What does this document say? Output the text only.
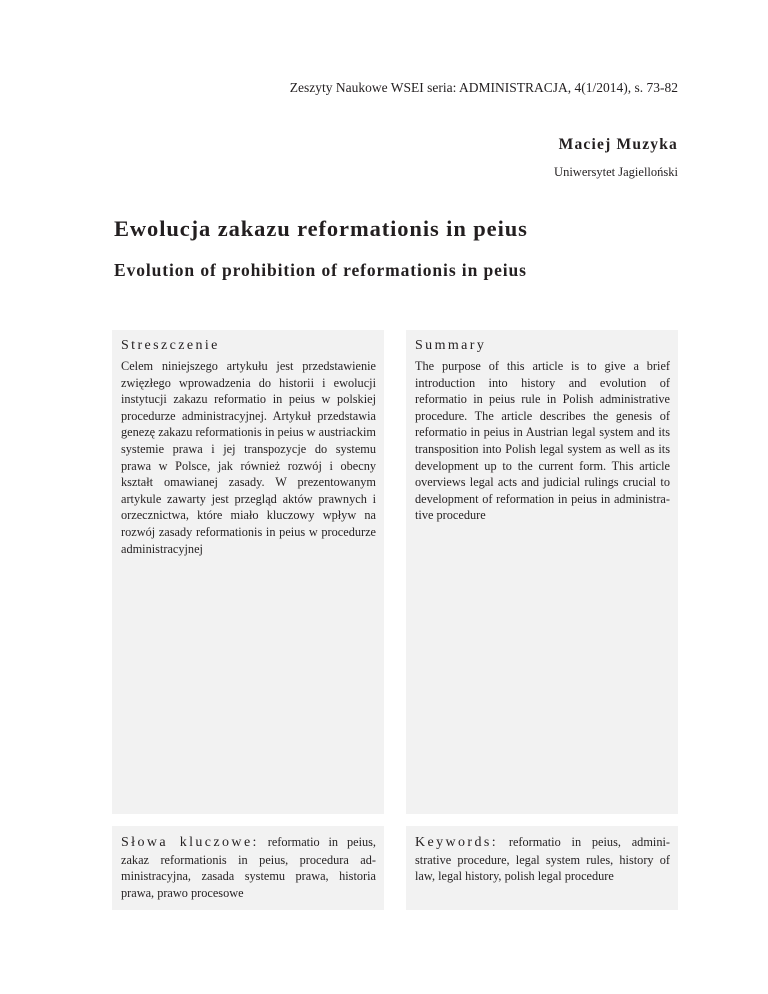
Zeszyty Naukowe WSEI seria: ADMINISTRACJA, 4(1/2014), s. 73-82
Maciej Muzyka
Uniwersytet Jagielloński
Ewolucja zakazu reformationis in peius
Evolution of prohibition of reformationis in peius
Streszczenie
Celem niniejszego artykułu jest przedstawienie zwięzłego wprowadzenia do historii i ewolucji instytucji zakazu reformatio in peius w polskiej procedurze administracyjnej. Artykuł przedstawia genezę zakazu reformationis in peius w austriackim systemie prawa i jej transpozycje do systemu prawa w Polsce, jak również rozwój i obecny kształt omawianej zasady. W prezentowanym artykule zawarty jest przegląd aktów prawnych i orzecznictwa, które miało kluczowy wpływ na rozwój zasady reformationis in peius w procedurze administracyjnej
Summary
The purpose of this article is to give a brief introduction into history and evolution of reformatio in peius rule in Polish administrative procedure. The article describes the genesis of reformatio in peius in Austrian legal system and its transposition into Polish legal system as well as its development up to the current form. This article overviews legal acts and judicial rulings crucial to development of reformation in peius in administrative procedure
Słowa kluczowe: reformatio in peius, zakaz reformationis in peius, procedura administracyjna, zasada systemu prawa, historia prawa, prawo procesowe
Keywords: reformatio in peius, administrative procedure, legal system rules, history of law, legal history, polish legal procedure
